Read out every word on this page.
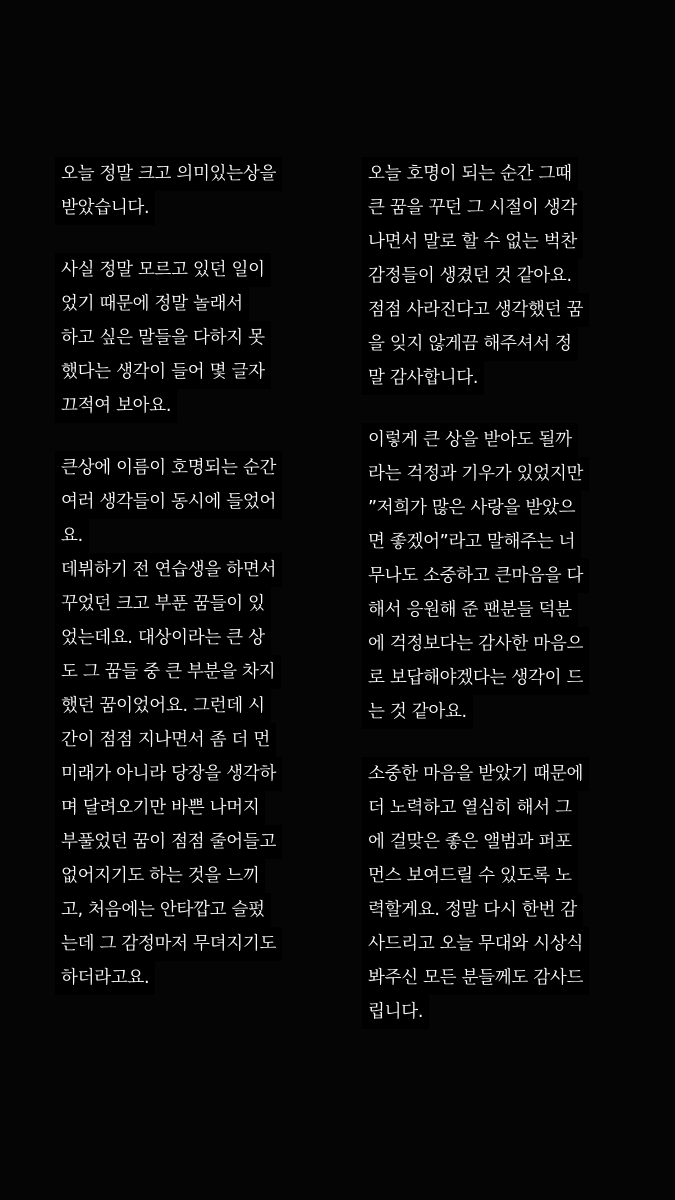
오늘 정말 크고 의미있는상을
받았습니다.
사실 정말 모르고 있던 일이
었기 때문에 정말 놀래서
하고 싶은 말들을 다하지 못
했다는 생각이 들어 몇 글자
끄적여 보아요.
큰상에 이름이 호명되는 순간
여러 생각들이 동시에 들었어
요.
데뷔하기 전 연습생을 하면서
꾸었던 크고 부푼 꿈들이 있
었는데요. 대상이라는 큰 상
도 그 꿈들 중 큰 부분을 차지
했던 꿈이었어요. 그런데 시
간이 점점 지나면서 좀 더 먼
미래가 아니라 당장을 생각하
며 달려오기만 바쁜 나머지
부풀었던 꿈이 점점 줄어들고
없어지기도 하는 것을 느끼
고, 처음에는 안타깝고 슬펐
는데 그 감정마저 무뎌지기도
하더라고요.
오늘 호명이 되는 순간 그때
큰 꿈을 꾸던 그 시절이 생각
나면서 말로 할 수 없는 벅찬
감정들이 생겼던 것 같아요.
점점 사라진다고 생각했던 꿈
을 잊지 않게끔 해주셔서 정
말 감사합니다.
이렇게 큰 상을 받아도 될까
라는 걱정과 기우가 있었지만
”저희가 많은 사랑을 받았으
면 좋겠어”라고 말해주는 너
무나도 소중하고 큰마음을 다
해서 응원해 준 팬분들 덕분
에 걱정보다는 감사한 마음으
로 보답해야겠다는 생각이 드
는 것 같아요.
소중한 마음을 받았기 때문에
더 노력하고 열심히 해서 그
에 걸맞은 좋은 앨범과 퍼포
먼스 보여드릴 수 있도록 노
력할게요. 정말 다시 한번 감
사드리고 오늘 무대와 시상식
봐주신 모든 분들께도 감사드
립니다.
